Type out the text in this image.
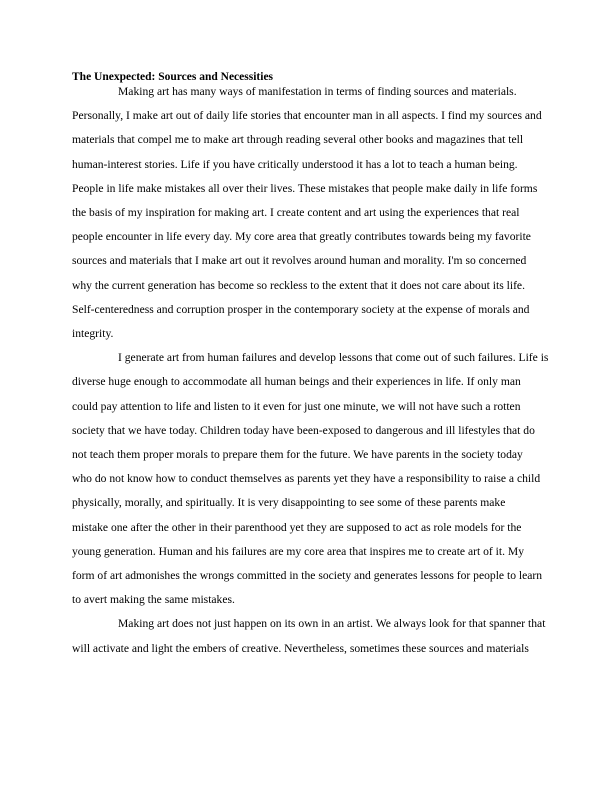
The Unexpected: Sources and Necessities
Making art has many ways of manifestation in terms of finding sources and materials.
Personally, I make art out of daily life stories that encounter man in all aspects. I find my sources and
materials that compel me to make art through reading several other books and magazines that tell
human-interest stories. Life if you have critically understood it has a lot to teach a human being.
People in life make mistakes all over their lives. These mistakes that people make daily in life forms
the basis of my inspiration for making art. I create content and art using the experiences that real
people encounter in life every day. My core area that greatly contributes towards being my favorite
sources and materials that I make art out it revolves around human and morality. I'm so concerned
why the current generation has become so reckless to the extent that it does not care about its life.
Self-centeredness and corruption prosper in the contemporary society at the expense of morals and
integrity.
I generate art from human failures and develop lessons that come out of such failures. Life is
diverse huge enough to accommodate all human beings and their experiences in life. If only man
could pay attention to life and listen to it even for just one minute, we will not have such a rotten
society that we have today. Children today have been-exposed to dangerous and ill lifestyles that do
not teach them proper morals to prepare them for the future. We have parents in the society today
who do not know how to conduct themselves as parents yet they have a responsibility to raise a child
physically, morally, and spiritually. It is very disappointing to see some of these parents make
mistake one after the other in their parenthood yet they are supposed to act as role models for the
young generation. Human and his failures are my core area that inspires me to create art of it. My
form of art admonishes the wrongs committed in the society and generates lessons for people to learn
to avert making the same mistakes.
Making art does not just happen on its own in an artist. We always look for that spanner that
will activate and light the embers of creative. Nevertheless, sometimes these sources and materials
